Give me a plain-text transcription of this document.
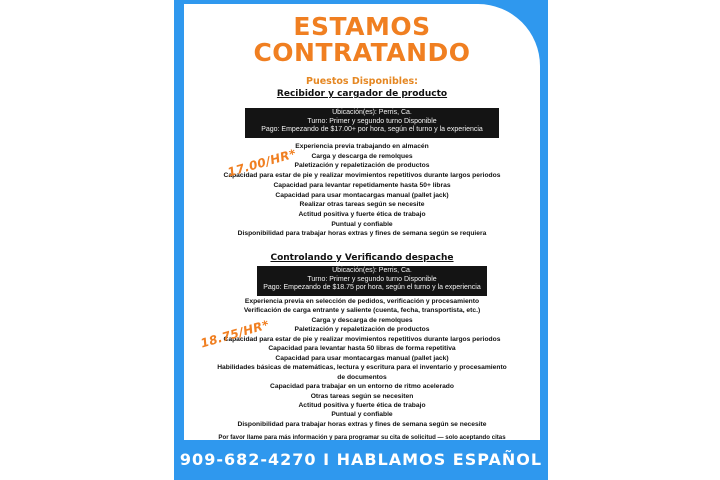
ESTAMOS
CONTRATANDO
Puestos Disponibles:
Recibidor y cargador de producto
Ubicación(es): Perris, Ca.
Turno: Primer y segundo turno Disponible
Pago: Empezando de $17.00+ por hora, según el turno y la experiencia
Experiencia previa trabajando en almacén
Carga y descarga de remolques
Paletización y repaletización de productos
Capacidad para estar de pie y realizar movimientos repetitivos durante largos periodos
Capacidad para levantar repetidamente hasta 50+ libras
Capacidad para usar montacargas manual (pallet jack)
Realizar otras tareas según se necesite
Actitud positiva y fuerte ética de trabajo
Puntual y confiable
Disponibilidad para trabajar horas extras y fines de semana según se requiera
17.00/HR*
Controlando y Verificando despache
Ubicación(es): Perris, Ca.
Turno: Primer y segundo turno Disponible
Pago: Empezando de $18.75 por hora, según el turno y la experiencia
Experiencia previa en selección de pedidos, verificación y procesamiento
Verificación de carga entrante y saliente (cuenta, fecha, transportista, etc.)
Carga y descarga de remolques
Paletización y repaletización de productos
Capacidad para estar de pie y realizar movimientos repetitivos durante largos periodos
Capacidad para levantar hasta 50 libras de forma repetitiva
Capacidad para usar montacargas manual (pallet jack)
Habilidades básicas de matemáticas, lectura y escritura para el inventario y procesamiento
de documentos
Capacidad para trabajar en un entorno de ritmo acelerado
Otras tareas según se necesiten
Actitud positiva y fuerte ética de trabajo
Puntual y confiable
Disponibilidad para trabajar horas extras y fines de semana según se necesite
18.75/HR*
Por favor llame para más información y para programar su cita de solicitud — solo aceptando citas
909-682-4270 I HABLAMOS ESPAÑOL
